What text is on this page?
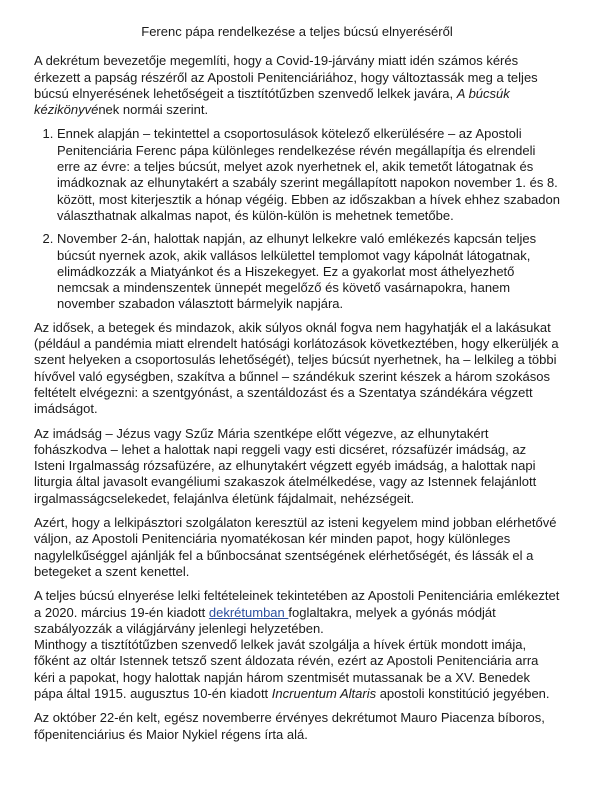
Ferenc pápa rendelkezése a teljes búcsú elnyeréséről

A dekrétum bevezetője megemlíti, hogy a Covid-19-járvány miatt idén számos kérés érkezett a papság részéről az Apostoli Penitenciáriához, hogy változtassák meg a teljes búcsú elnyerésének lehetőségeit a tisztítótűzben szenvedő lelkek javára, A búcsúk kézikönyvének normái szerint.

1. Ennek alapján – tekintettel a csoportosulások kötelező elkerülésére – az Apostoli Penitenciária Ferenc pápa különleges rendelkezése révén megállapítja és elrendeli erre az évre: a teljes búcsút, melyet azok nyerhetnek el, akik temetőt látogatnak és imádkoznak az elhunytakért a szabály szerint megállapított napokon november 1. és 8. között, most kiterjesztik a hónap végéig. Ebben az időszakban a hívek ehhez szabadon választhatnak alkalmas napot, és külön-külön is mehetnek temetőbe.
2. November 2-án, halottak napján, az elhunyt lelkekre való emlékezés kapcsán teljes búcsút nyernek azok, akik vallásos lelkülettel templomot vagy kápolnát látogatnak, elimádkozzák a Miatyánkot és a Hiszekegyet. Ez a gyakorlat most áthelyezhető nemcsak a mindenszentek ünnepét megelőző és követő vasárnapokra, hanem november szabadon választott bármelyik napjára.

Az idősek, a betegek és mindazok, akik súlyos oknál fogva nem hagyhatják el a lakásukat (például a pandémia miatt elrendelt hatósági korlátozások következtében, hogy elkerüljék a szent helyeken a csoportosulás lehetőségét), teljes búcsút nyerhetnek, ha – lelkileg a többi hívővel való egységben, szakítva a bűnnel – szándékuk szerint készek a három szokásos feltételt elvégezni: a szentgyónást, a szentáldozást és a Szentatya szándékára végzett imádságot.

Az imádság – Jézus vagy Szűz Mária szentképe előtt végezve, az elhunytakért fohászkodva – lehet a halottak napi reggeli vagy esti dicséret, rózsafüzér imádság, az Isteni Irgalmasság rózsafüzére, az elhunytakért végzett egyéb imádság, a halottak napi liturgia által javasolt evangéliumi szakaszok átelmélkedése, vagy az Istennek felajánlott irgalmasságcselekedet, felajánlva életünk fájdalmait, nehézségeit.

Azért, hogy a lelkipásztori szolgálaton keresztül az isteni kegyelem mind jobban elérhetővé váljon, az Apostoli Penitenciária nyomatékosan kér minden papot, hogy különleges nagylelkűséggel ajánlják fel a bűnbocsánat szentségének elérhetőségét, és lássák el a betegeket a szent kenettel.

A teljes búcsú elnyerése lelki feltételeinek tekintetében az Apostoli Penitenciária emlékeztet a 2020. március 19-én kiadott dekrétumban foglaltakra, melyek a gyónás módját szabályozzák a világjárvány jelenlegi helyzetében.

Minthogy a tisztítótűzben szenvedő lelkek javát szolgálja a hívek értük mondott imája, főként az oltár Istennek tetsző szent áldozata révén, ezért az Apostoli Penitenciária arra kéri a papokat, hogy halottak napján három szentmisét mutassanak be a XV. Benedek pápa által 1915. augusztus 10-én kiadott Incruentum Altaris apostoli konstitúció jegyében.

Az október 22-én kelt, egész novemberre érvényes dekrétumot Mauro Piacenza bíboros, főpenitenciárius és Maior Nykiel régens írta alá.
